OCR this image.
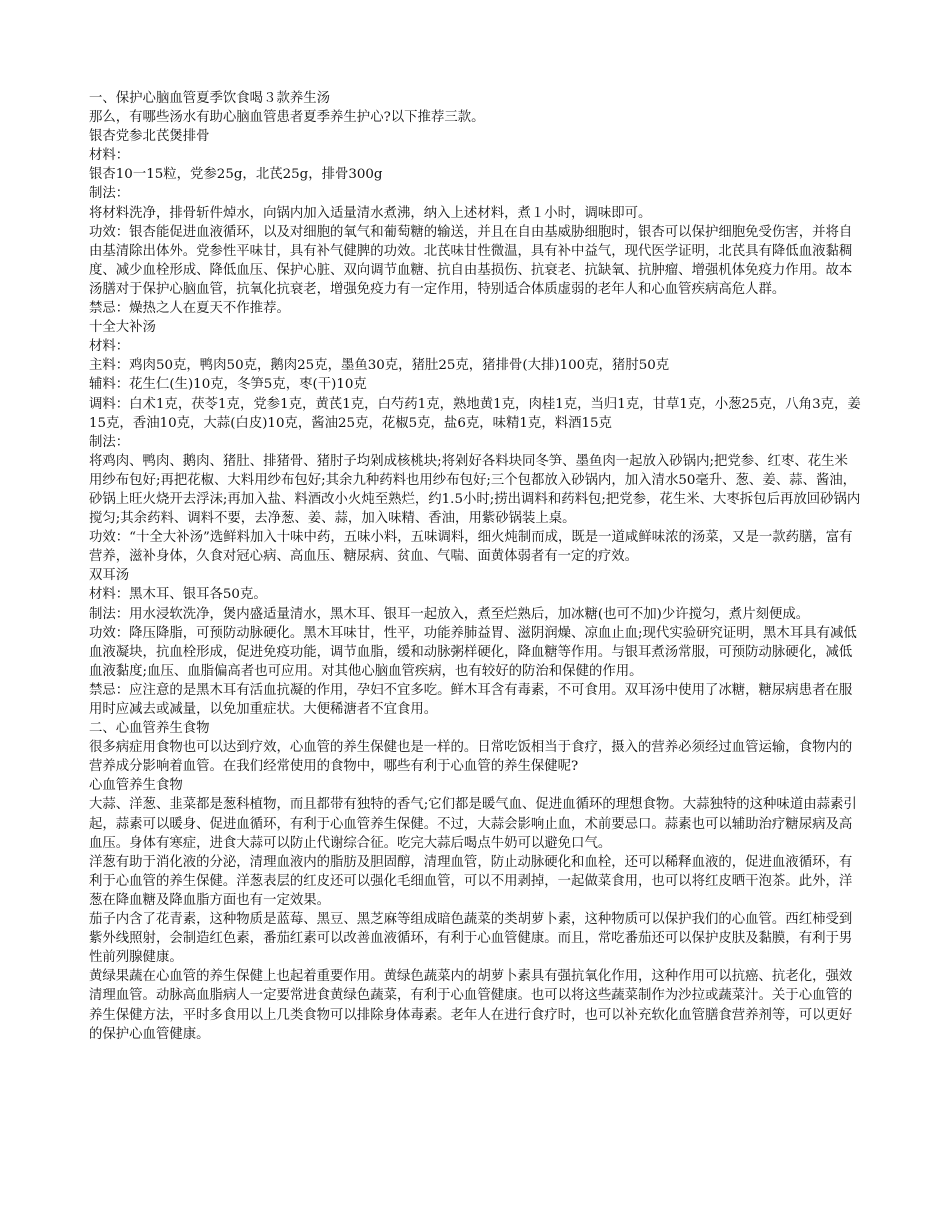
一、保护心脑血管夏季饮食喝３款养生汤

那么，有哪些汤水有助心脑血管患者夏季养生护心?以下推荐三款。

银杏党参北芪煲排骨

材料：

银杏10一15粒，党参25g，北芪25g，排骨300g

制法：

将材料洗净，排骨斩件焯水，向锅内加入适量清水煮沸，纳入上述材料，煮１小时，调味即可。

功效：银杏能促进血液循环，以及对细胞的氧气和葡萄糖的输送，并且在自由基威胁细胞时，银杏可以保护细胞免受伤害，并将自由基清除出体外。党参性平味甘，具有补气健脾的功效。北芪味甘性微温，具有补中益气，现代医学证明，北芪具有降低血液黏稠度、减少血栓形成、降低血压、保护心脏、双向调节血糖、抗自由基损伤、抗衰老、抗缺氧、抗肿瘤、增强机体免疫力作用。故本汤膳对于保护心脑血管，抗氧化抗衰老，增强免疫力有一定作用，特别适合体质虚弱的老年人和心血管疾病高危人群。

禁忌：燥热之人在夏天不作推荐。

十全大补汤

材料：

主料：鸡肉50克，鸭肉50克，鹅肉25克，墨鱼30克，猪肚25克，猪排骨(大排)100克，猪肘50克

辅料：花生仁(生)10克，冬笋5克，枣(干)10克

调料：白术1克，茯苓1克，党参1克，黄芪1克，白芍药1克，熟地黄1克，肉桂1克，当归1克，甘草1克，小葱25克，八角3克，姜15克，香油10克，大蒜(白皮)10克，酱油25克，花椒5克，盐6克，味精1克，料酒15克

制法：

将鸡肉、鸭肉、鹅肉、猪肚、排猪骨、猪肘子均剁成核桃块;将剁好各料块同冬笋、墨鱼肉一起放入砂锅内;把党参、红枣、花生米用纱布包好;再把花椒、大料用纱布包好;其余九种药料也用纱布包好;三个包都放入砂锅内，加入清水50毫升、葱、姜、蒜、酱油，砂锅上旺火烧开去浮沫;再加入盐、料酒改小火炖至熟烂，约1.5小时;捞出调料和药料包;把党参，花生米、大枣拆包后再放回砂锅内搅匀;其余药料、调料不要，去净葱、姜、蒜，加入味精、香油，用紫砂锅装上桌。

功效：“十全大补汤”选鲜料加入十味中药，五味小料，五味调料，细火炖制而成，既是一道咸鲜味浓的汤菜，又是一款药膳，富有营养，滋补身体，久食对冠心病、高血压、糖尿病、贫血、气喘、面黄体弱者有一定的疗效。

双耳汤

材料：黑木耳、银耳各50克。

制法：用水浸软洗净，煲内盛适量清水，黑木耳、银耳一起放入，煮至烂熟后，加冰糖(也可不加)少许搅匀，煮片刻便成。

功效：降压降脂，可预防动脉硬化。黑木耳味甘，性平，功能养肺益胃、滋阴润燥、凉血止血;现代实验研究证明，黑木耳具有减低血液凝块，抗血栓形成，促进免疫功能，调节血脂，缓和动脉粥样硬化，降血糖等作用。与银耳煮汤常服，可预防动脉硬化，减低血液黏度;血压、血脂偏高者也可应用。对其他心脑血管疾病，也有较好的防治和保健的作用。

禁忌：应注意的是黑木耳有活血抗凝的作用，孕妇不宜多吃。鲜木耳含有毒素，不可食用。双耳汤中使用了冰糖，糖尿病患者在服用时应减去或减量，以免加重症状。大便稀溏者不宜食用。

二、心血管养生食物

很多病症用食物也可以达到疗效，心血管的养生保健也是一样的。日常吃饭相当于食疗，摄入的营养必须经过血管运输，食物内的营养成分影响着血管。在我们经常使用的食物中，哪些有利于心血管的养生保健呢?

心血管养生食物

大蒜、洋葱、韭菜都是葱科植物，而且都带有独特的香气;它们都是暖气血、促进血循环的理想食物。大蒜独特的这种味道由蒜素引起，蒜素可以暖身、促进血循环，有利于心血管养生保健。不过，大蒜会影响止血，术前要忌口。蒜素也可以辅助治疗糖尿病及高血压。身体有寒症，进食大蒜可以防止代谢综合征。吃完大蒜后喝点牛奶可以避免口气。

洋葱有助于消化液的分泌，清理血液内的脂肪及胆固醇，清理血管，防止动脉硬化和血栓，还可以稀释血液的，促进血液循环，有利于心血管的养生保健。洋葱表层的红皮还可以强化毛细血管，可以不用剥掉，一起做菜食用，也可以将红皮晒干泡茶。此外，洋葱在降血糖及降血脂方面也有一定效果。

茄子内含了花青素，这种物质是蓝莓、黑豆、黑芝麻等组成暗色蔬菜的类胡萝卜素，这种物质可以保护我们的心血管。西红柿受到紫外线照射，会制造红色素，番茄红素可以改善血液循环，有利于心血管健康。而且，常吃番茄还可以保护皮肤及黏膜，有利于男性前列腺健康。

黄绿果蔬在心血管的养生保健上也起着重要作用。黄绿色蔬菜内的胡萝卜素具有强抗氧化作用，这种作用可以抗癌、抗老化，强效清理血管。动脉高血脂病人一定要常进食黄绿色蔬菜，有利于心血管健康。也可以将这些蔬菜制作为沙拉或蔬菜汁。关于心血管的养生保健方法，平时多食用以上几类食物可以排除身体毒素。老年人在进行食疗时，也可以补充软化血管膳食营养剂等，可以更好的保护心血管健康。
